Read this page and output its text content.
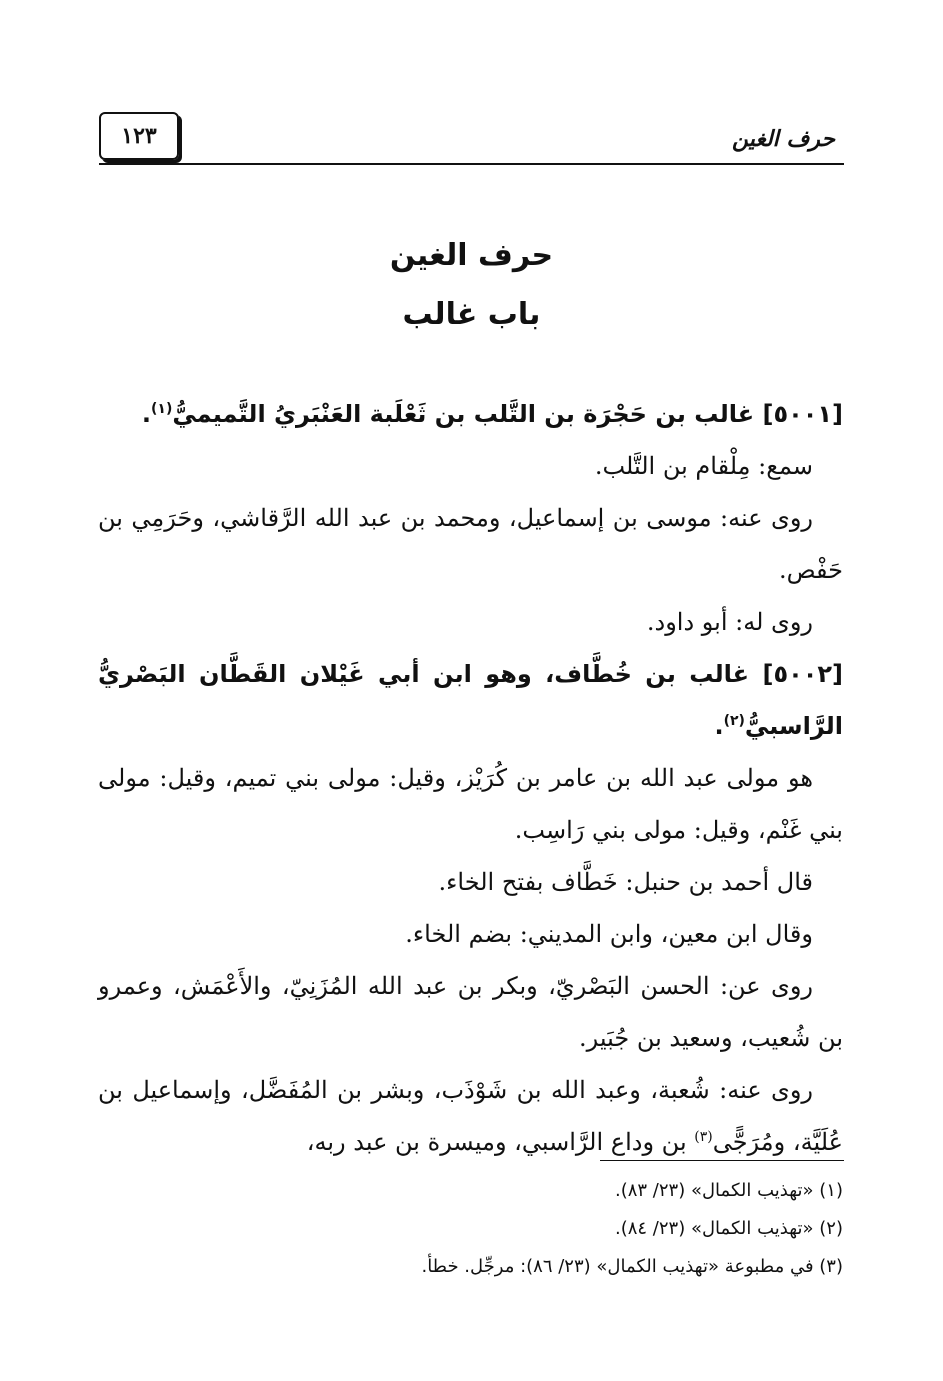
حرف الغين
١٢٣
حرف الغين
باب غالب

[٥٠٠١] غالب بن حَجْرَة بن التَّلب بن ثَعْلَبة العَنْبَريُ التَّميميُّ$^{(١)}$.

سمع: مِلْقام بن التَّلب.

روى عنه: موسى بن إسماعيل، ومحمد بن عبد الله الرَّقاشي، وحَرَمِي بن حَفْص.

روى له: أبو داود.

[٥٠٠٢] غالب بن خُطَّاف، وهو ابن أبي غَيْلان القَطَّان البَصْريُّ الرَّاسبيُّ$^{(٢)}$.

هو مولى عبد الله بن عامر بن كُرَيْز، وقيل: مولى بني تميم، وقيل: مولى بني غَنْم، وقيل: مولى بني رَاسِب.

قال أحمد بن حنبل: خَطَّاف بفتح الخاء.

وقال ابن معين، وابن المديني: بضم الخاء.

روى عن: الحسن البَصْريّ، وبكر بن عبد الله المُزَنِيّ، والأَعْمَش، وعمرو بن شُعيب، وسعيد بن جُبَير.

روى عنه: شُعبة، وعبد الله بن شَوْذَب، وبشر بن المُفَضَّل، وإسماعيل بن عُلَيَّة، ومُرَجًّى$^{(٣)}$ بن وداع الرَّاسبي، وميسرة بن عبد ربه،

(١) «تهذيب الكمال» (٢٣/ ٨٣).

(٢) «تهذيب الكمال» (٢٣/ ٨٤).

(٣) في مطبوعة «تهذيب الكمال» (٢٣/ ٨٦): مرجِّل. خطأ.
